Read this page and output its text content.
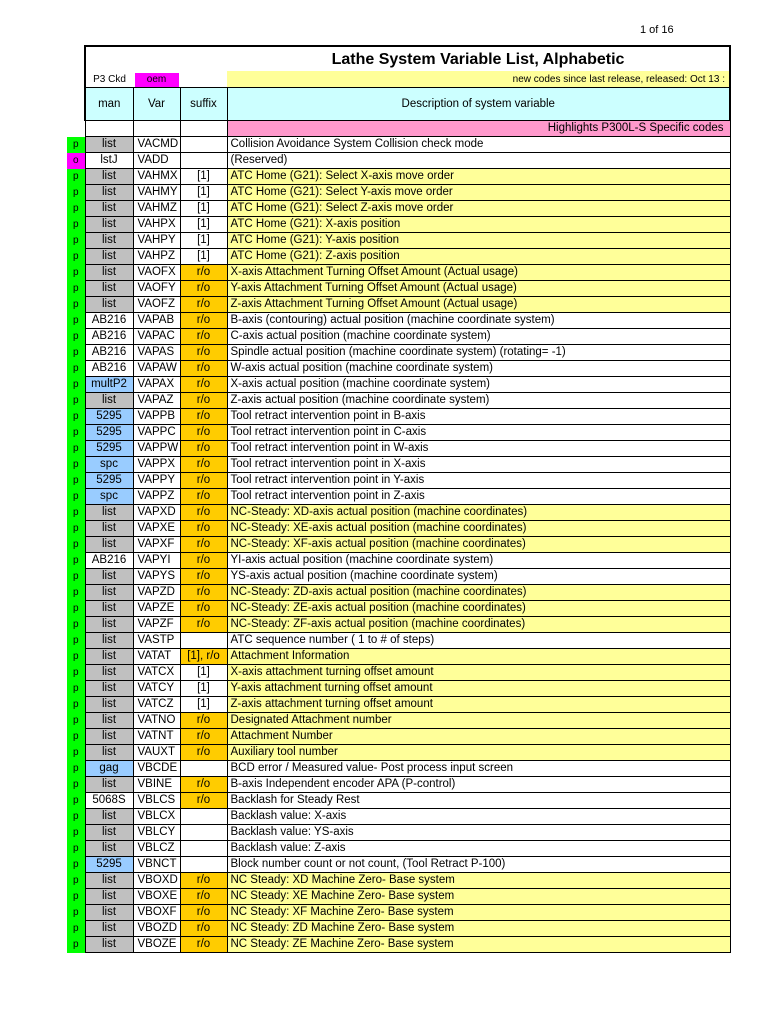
1 of 16
				Lathe System Variable List, Alphabetic
	P3 Ckd	oem		new codes since last release, released: Oct 13 :
	man	Var	suffix	Description of system variable
				Highlights P300L-S Specific codes
p	list	VACMD		Collision Avoidance System Collision check mode
o	lstJ	VADD		(Reserved)
p	list	VAHMX	[1]	ATC Home (G21): Select X-axis move order
p	list	VAHMY	[1]	ATC Home (G21): Select Y-axis move order
p	list	VAHMZ	[1]	ATC Home (G21): Select Z-axis move order
p	list	VAHPX	[1]	ATC Home (G21): X-axis position
p	list	VAHPY	[1]	ATC Home (G21): Y-axis position
p	list	VAHPZ	[1]	ATC Home (G21): Z-axis position
p	list	VAOFX	r/o	X-axis Attachment Turning Offset Amount (Actual usage)
p	list	VAOFY	r/o	Y-axis Attachment Turning Offset Amount (Actual usage)
p	list	VAOFZ	r/o	Z-axis Attachment Turning Offset Amount (Actual usage)
p	AB216	VAPAB	r/o	B-axis (contouring) actual position (machine coordinate system)
p	AB216	VAPAC	r/o	C-axis actual position (machine coordinate system)
p	AB216	VAPAS	r/o	Spindle actual position (machine coordinate system) (rotating= -1)
p	AB216	VAPAW	r/o	W-axis actual position (machine coordinate system)
p	multP2	VAPAX	r/o	X-axis actual position (machine coordinate system)
p	list	VAPAZ	r/o	Z-axis actual position (machine coordinate system)
p	5295	VAPPB	r/o	Tool retract intervention point in B-axis
p	5295	VAPPC	r/o	Tool retract intervention point in C-axis
p	5295	VAPPW	r/o	Tool retract intervention point in W-axis
p	spc	VAPPX	r/o	Tool retract intervention point in X-axis
p	5295	VAPPY	r/o	Tool retract intervention point in Y-axis
p	spc	VAPPZ	r/o	Tool retract intervention point in Z-axis
p	list	VAPXD	r/o	NC-Steady: XD-axis actual position (machine coordinates)
p	list	VAPXE	r/o	NC-Steady: XE-axis actual position (machine coordinates)
p	list	VAPXF	r/o	NC-Steady: XF-axis actual position (machine coordinates)
p	AB216	VAPYI	r/o	YI-axis actual position (machine coordinate system)
p	list	VAPYS	r/o	YS-axis actual position (machine coordinate system)
p	list	VAPZD	r/o	NC-Steady: ZD-axis actual position (machine coordinates)
p	list	VAPZE	r/o	NC-Steady: ZE-axis actual position (machine coordinates)
p	list	VAPZF	r/o	NC-Steady: ZF-axis actual position (machine coordinates)
p	list	VASTP		ATC sequence number ( 1 to # of steps)
p	list	VATAT	[1], r/o	Attachment Information
p	list	VATCX	[1]	X-axis attachment turning offset amount
p	list	VATCY	[1]	Y-axis attachment turning offset amount
p	list	VATCZ	[1]	Z-axis attachment turning offset amount
p	list	VATNO	r/o	Designated Attachment number
p	list	VATNT	r/o	Attachment Number
p	list	VAUXT	r/o	Auxiliary tool number
p	gag	VBCDE		BCD error / Measured value- Post process input screen
p	list	VBINE	r/o	B-axis Independent encoder APA (P-control)
p	5068S	VBLCS	r/o	Backlash for Steady Rest
p	list	VBLCX		Backlash value: X-axis
p	list	VBLCY		Backlash value: YS-axis
p	list	VBLCZ		Backlash value: Z-axis
p	5295	VBNCT		Block number count or not count, (Tool Retract P-100)
p	list	VBOXD	r/o	NC Steady: XD Machine Zero- Base system
p	list	VBOXE	r/o	NC Steady: XE Machine Zero- Base system
p	list	VBOXF	r/o	NC Steady: XF Machine Zero- Base system
p	list	VBOZD	r/o	NC Steady: ZD Machine Zero- Base system
p	list	VBOZE	r/o	NC Steady: ZE Machine Zero- Base system
